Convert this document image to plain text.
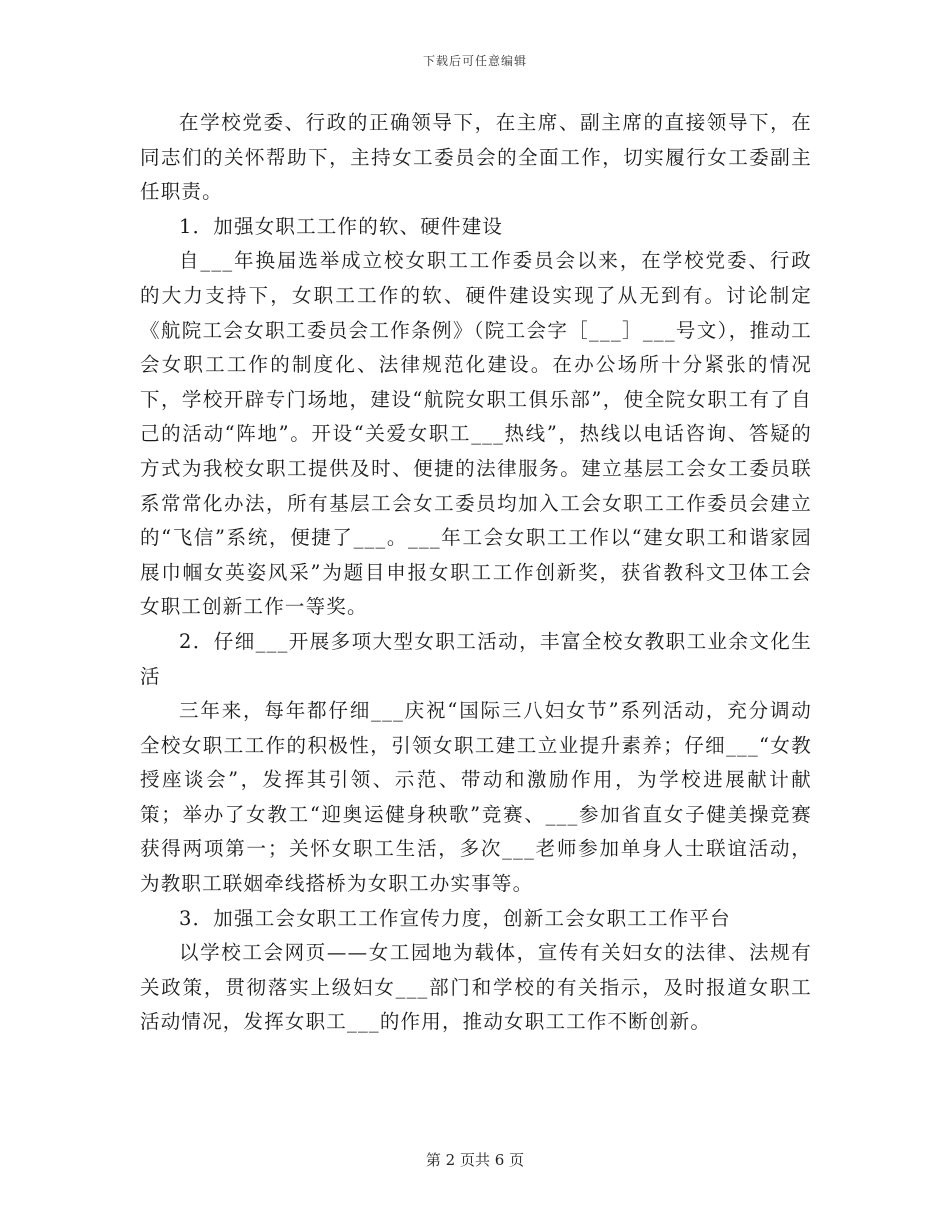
下载后可任意编辑

在学校党委、行政的正确领导下，在主席、副主席的直接领导下，在同志们的关怀帮助下，主持女工委员会的全面工作，切实履行女工委副主任职责。

1．加强女职工工作的软、硬件建设

自___年换届选举成立校女职工工作委员会以来，在学校党委、行政的大力支持下，女职工工作的软、硬件建设实现了从无到有。讨论制定《航院工会女职工委员会工作条例》（院工会字［___］___号文），推动工会女职工工作的制度化、法律规范化建设。在办公场所十分紧张的情况下，学校开辟专门场地，建设“航院女职工俱乐部”，使全院女职工有了自己的活动“阵地”。开设“关爱女职工___热线”，热线以电话咨询、答疑的方式为我校女职工提供及时、便捷的法律服务。建立基层工会女工委员联系常常化办法，所有基层工会女工委员均加入工会女职工工作委员会建立的“飞信”系统，便捷了___。___年工会女职工工作以“建女职工和谐家园展巾帼女英姿风采”为题目申报女职工工作创新奖，获省教科文卫体工会女职工创新工作一等奖。

2．仔细___开展多项大型女职工活动，丰富全校女教职工业余文化生活

三年来，每年都仔细___庆祝“国际三八妇女节”系列活动，充分调动全校女职工工作的积极性，引领女职工建工立业提升素养；仔细___“女教授座谈会”，发挥其引领、示范、带动和激励作用，为学校进展献计献策；举办了女教工“迎奥运健身秧歌”竞赛、___参加省直女子健美操竞赛获得两项第一；关怀女职工生活，多次___老师参加单身人士联谊活动，为教职工联姻牵线搭桥为女职工办实事等。

3．加强工会女职工工作宣传力度，创新工会女职工工作平台

以学校工会网页——女工园地为载体，宣传有关妇女的法律、法规有关政策，贯彻落实上级妇女___部门和学校的有关指示，及时报道女职工活动情况，发挥女职工___的作用，推动女职工工作不断创新。

第 2 页共 6 页
